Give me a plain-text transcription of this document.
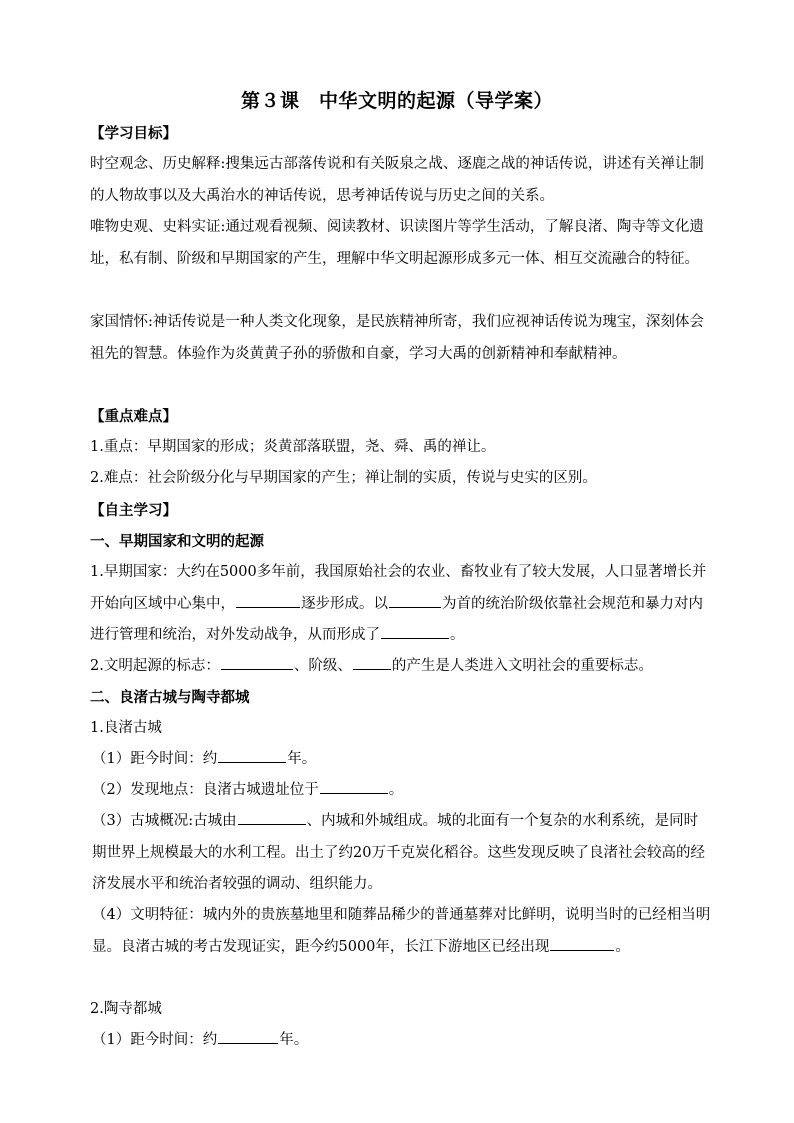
第３课　中华文明的起源（导学案）

【学习目标】

时空观念、历史解释:搜集远古部落传说和有关阪泉之战、逐鹿之战的神话传说，讲述有关禅让制的人物故事以及大禹治水的神话传说，思考神话传说与历史之间的关系。

唯物史观、史料实证:通过观看视频、阅读教材、识读图片等学生活动，了解良渚、陶寺等文化遗址，私有制、阶级和早期国家的产生，理解中华文明起源形成多元一体、相互交流融合的特征。

家国情怀:神话传说是一种人类文化现象，是民族精神所寄，我们应视神话传说为瑰宝，深刻体会祖先的智慧。体验作为炎黄黄子孙的骄傲和自豪，学习大禹的创新精神和奉献精神。

【重点难点】

1.重点：早期国家的形成；炎黄部落联盟，尧、舜、禹的禅让。

2.难点：社会阶级分化与早期国家的产生；禅让制的实质，传说与史实的区别。

【自主学习】

一、早期国家和文明的起源

1.早期国家：大约在5000多年前，我国原始社会的农业、畜牧业有了较大发展，人口显著增长并开始向区域中心集中，	逐步形成。以	为首的统治阶级依靠社会规范和暴力对内进行管理和统治，对外发动战争，从而形成了	。

2.文明起源的标志：	、阶级、	的产生是人类进入文明社会的重要标志。

二、良渚古城与陶寺都城

1.良渚古城

（1）距今时间：约	年。

（2）发现地点：良渚古城遗址位于	。

（3）古城概况:古城由	、内城和外城组成。城的北面有一个复杂的水利系统，是同时期世界上规模最大的水利工程。出土了约20万千克炭化稻谷。这些发现反映了良渚社会较高的经济发展水平和统治者较强的调动、组织能力。

（4）文明特征：城内外的贵族墓地里和随葬品稀少的普通墓葬对比鲜明，说明当时的已经相当明显。良渚古城的考古发现证实，距今约5000年，长江下游地区已经出现	。

2.陶寺都城

（1）距今时间：约	年。
